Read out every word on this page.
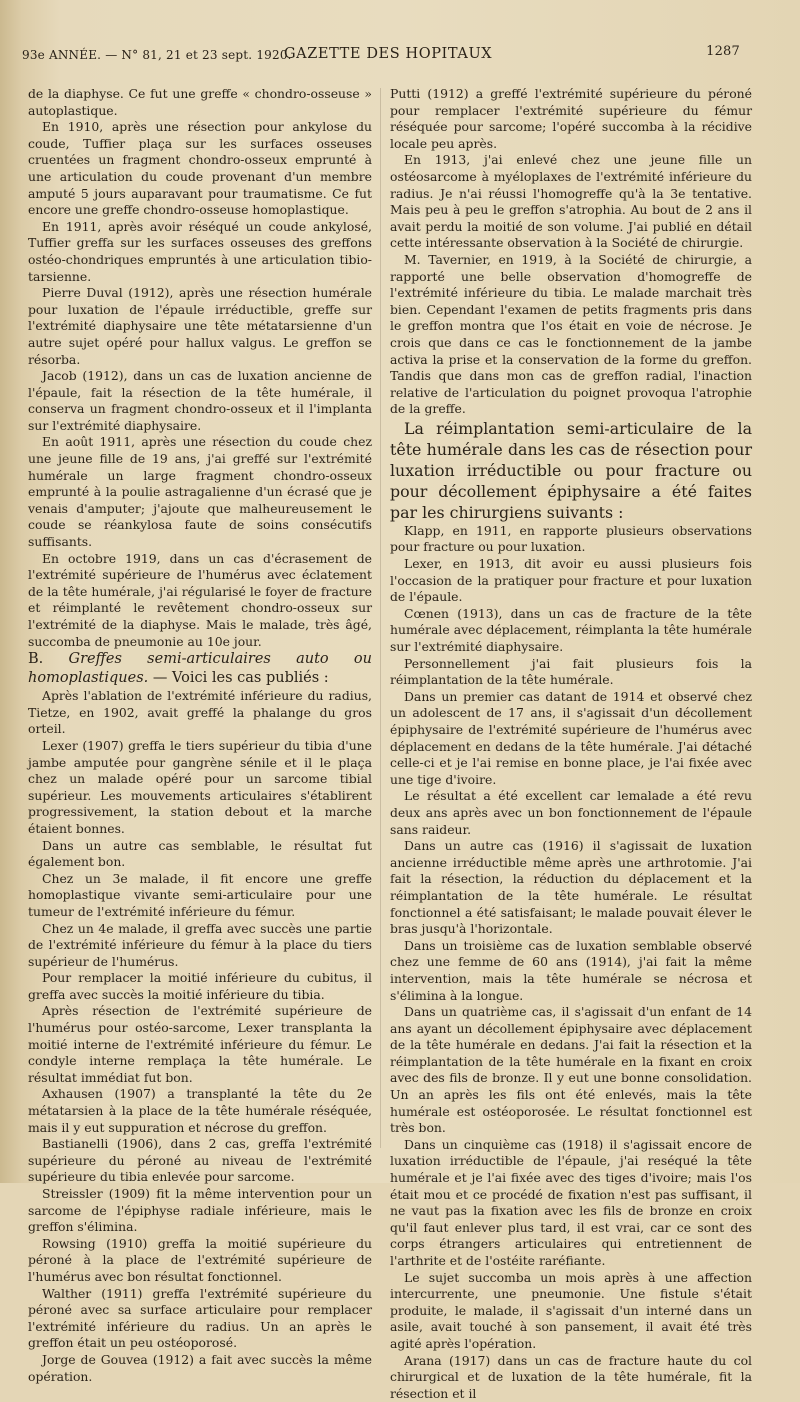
93e ANNÉE. — N° 81, 21 et 23 sept. 1920.
GAZETTE DES HOPITAUX	1287

de la diaphyse. Ce fut une greffe « chondro-osseuse » autoplastique.

En 1910, après une résection pour ankylose du coude, Tuffier plaça sur les surfaces osseuses cruentées un fragment chondro-osseux emprunté à une articulation du coude provenant d'un membre amputé 5 jours auparavant pour traumatisme. Ce fut encore une greffe chondro-osseuse homoplastique.

En 1911, après avoir réséqué un coude ankylosé, Tuffier greffa sur les surfaces osseuses des greffons ostéo-chondriques empruntés à une articulation tibio-tarsienne.

Pierre Duval (1912), après une résection humérale pour luxation de l'épaule irréductible, greffe sur l'extrémité diaphysaire une tête métatarsienne d'un autre sujet opéré pour hallux valgus. Le greffon se résorba.

Jacob (1912), dans un cas de luxation ancienne de l'épaule, fait la résection de la tête humérale, il conserva un fragment chondro-osseux et il l'implanta sur l'extrémité diaphysaire.

En août 1911, après une résection du coude chez une jeune fille de 19 ans, j'ai greffé sur l'extrémité humérale un large fragment chondro-osseux emprunté à la poulie astragalienne d'un écrasé que je venais d'amputer; j'ajoute que malheureusement le coude se réankylosa faute de soins consécutifs suffisants.

En octobre 1919, dans un cas d'écrasement de l'extrémité supérieure de l'humérus avec éclatement de la tête humérale, j'ai régularisé le foyer de fracture et réimplanté le revêtement chondro-osseux sur l'extrémité de la diaphyse. Mais le malade, très âgé, succomba de pneumonie au 10e jour.

B. Greffes semi-articulaires auto ou homoplastiques. — Voici les cas publiés :

Après l'ablation de l'extrémité inférieure du radius, Tietze, en 1902, avait greffé la phalange du gros orteil.

Lexer (1907) greffa le tiers supérieur du tibia d'une jambe amputée pour gangrène sénile et il le plaça chez un malade opéré pour un sarcome tibial supérieur. Les mouvements articulaires s'établirent progressivement, la station debout et la marche étaient bonnes.

Dans un autre cas semblable, le résultat fut également bon.

Chez un 3e malade, il fit encore une greffe homoplastique vivante semi-articulaire pour une tumeur de l'extrémité inférieure du fémur.

Chez un 4e malade, il greffa avec succès une partie de l'extrémité inférieure du fémur à la place du tiers supérieur de l'humérus.

Pour remplacer la moitié inférieure du cubitus, il greffa avec succès la moitié inférieure du tibia.

Après résection de l'extrémité supérieure de l'humérus pour ostéo-sarcome, Lexer transplanta la moitié interne de l'extrémité inférieure du fémur. Le condyle interne remplaça la tête humérale. Le résultat immédiat fut bon.

Axhausen (1907) a transplanté la tête du 2e métatarsien à la place de la tête humérale réséquée, mais il y eut suppuration et nécrose du greffon.

Bastianelli (1906), dans 2 cas, greffa l'extrémité supérieure du péroné au niveau de l'extrémité supérieure du tibia enlevée pour sarcome.

Streissler (1909) fit la même intervention pour un sarcome de l'épiphyse radiale inférieure, mais le greffon s'élimina.

Rowsing (1910) greffa la moitié supérieure du péroné à la place de l'extrémité supérieure de l'humérus avec bon résultat fonctionnel.

Walther (1911) greffa l'extrémité supérieure du péroné avec sa surface articulaire pour remplacer l'extrémité inférieure du radius. Un an après le greffon était un peu ostéoporosé.

Jorge de Gouvea (1912) a fait avec succès la même opération.

Putti (1912) a greffé l'extrémité supérieure du péroné pour remplacer l'extrémité supérieure du fémur réséquée pour sarcome; l'opéré succomba à la récidive locale peu après.

En 1913, j'ai enlevé chez une jeune fille un ostéosarcome à myéloplaxes de l'extrémité inférieure du radius. Je n'ai réussi l'homogreffe qu'à la 3e tentative. Mais peu à peu le greffon s'atrophia. Au bout de 2 ans il avait perdu la moitié de son volume. J'ai publié en détail cette intéressante observation à la Société de chirurgie.

M. Tavernier, en 1919, à la Société de chirurgie, a rapporté une belle observation d'homogreffe de l'extrémité inférieure du tibia. Le malade marchait très bien. Cependant l'examen de petits fragments pris dans le greffon montra que l'os était en voie de nécrose. Je crois que dans ce cas le fonctionnement de la jambe activa la prise et la conservation de la forme du greffon. Tandis que dans mon cas de greffon radial, l'inaction relative de l'articulation du poignet provoqua l'atrophie de la greffe.

La réimplantation semi-articulaire de la tête humérale dans les cas de résection pour luxation irréductible ou pour fracture ou pour décollement épiphysaire a été faites par les chirurgiens suivants :

Klapp, en 1911, en rapporte plusieurs observations pour fracture ou pour luxation.

Lexer, en 1913, dit avoir eu aussi plusieurs fois l'occasion de la pratiquer pour fracture et pour luxation de l'épaule.

Cœnen (1913), dans un cas de fracture de la tête humérale avec déplacement, réimplanta la tête humérale sur l'extrémité diaphysaire.

Personnellement j'ai fait plusieurs fois la réimplantation de la tête humérale.

Dans un premier cas datant de 1914 et observé chez un adolescent de 17 ans, il s'agissait d'un décollement épiphysaire de l'extrémité supérieure de l'humérus avec déplacement en dedans de la tête humérale. J'ai détaché celle-ci et je l'ai remise en bonne place, je l'ai fixée avec une tige d'ivoire.

Le résultat a été excellent car lemalade a été revu deux ans après avec un bon fonctionnement de l'épaule sans raideur.

Dans un autre cas (1916) il s'agissait de luxation ancienne irréductible même après une arthrotomie. J'ai fait la résection, la réduction du déplacement et la réimplantation de la tête humérale. Le résultat fonctionnel a été satisfaisant; le malade pouvait élever le bras jusqu'à l'horizontale.

Dans un troisième cas de luxation semblable observé chez une femme de 60 ans (1914), j'ai fait la même intervention, mais la tête humérale se nécrosa et s'élimina à la longue.

Dans un quatrième cas, il s'agissait d'un enfant de 14 ans ayant un décollement épiphysaire avec déplacement de la tête humérale en dedans. J'ai fait la résection et la réimplantation de la tête humérale en la fixant en croix avec des fils de bronze. Il y eut une bonne consolidation. Un an après les fils ont été enlevés, mais la tête humérale est ostéoporosée. Le résultat fonctionnel est très bon.

Dans un cinquième cas (1918) il s'agissait encore de luxation irréductible de l'épaule, j'ai reséqué la tête humérale et je l'ai fixée avec des tiges d'ivoire; mais l'os était mou et ce procédé de fixation n'est pas suffisant, il ne vaut pas la fixation avec les fils de bronze en croix qu'il faut enlever plus tard, il est vrai, car ce sont des corps étrangers articulaires qui entretiennent de l'arthrite et de l'ostéite raréfiante.

Le sujet succomba un mois après à une affection intercurrente, une pneumonie. Une fistule s'était produite, le malade, il s'agissait d'un interné dans un asile, avait touché à son pansement, il avait été très agité après l'opération.

Arana (1917) dans un cas de fracture haute du col chirurgical et de luxation de la tête humérale, fit la résection et il
